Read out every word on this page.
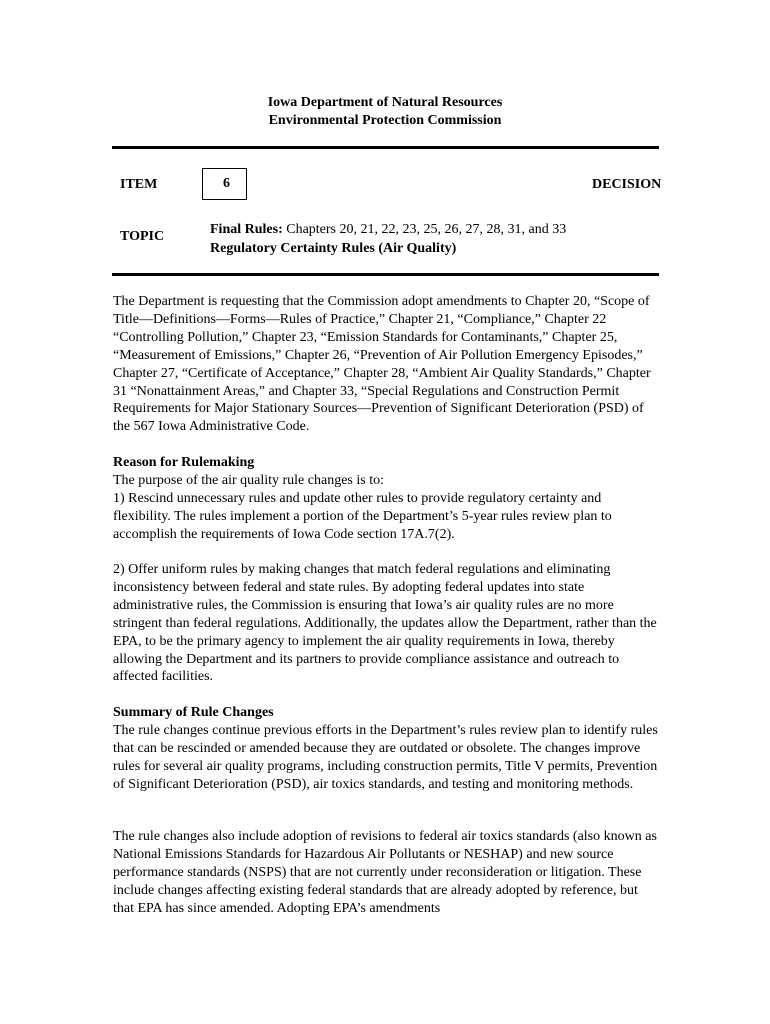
Iowa Department of Natural Resources
Environmental Protection Commission
ITEM	6	DECISION
TOPIC	Final Rules: Chapters 20, 21, 22, 23, 25, 26, 27, 28, 31, and 33
Regulatory Certainty Rules (Air Quality)

The Department is requesting that the Commission adopt amendments to Chapter 20, “Scope of Title—Definitions—Forms—Rules of Practice,” Chapter 21, “Compliance,” Chapter 22 “Controlling Pollution,” Chapter 23, “Emission Standards for Contaminants,” Chapter 25, “Measurement of Emissions,” Chapter 26, “Prevention of Air Pollution Emergency Episodes,” Chapter 27, “Certificate of Acceptance,” Chapter 28, “Ambient Air Quality Standards,” Chapter 31 “Nonattainment Areas,” and Chapter 33, “Special Regulations and Construction Permit Requirements for Major Stationary Sources—Prevention of Significant Deterioration (PSD) of the 567 Iowa Administrative Code.

Reason for Rulemaking

The purpose of the air quality rule changes is to:

1) Rescind unnecessary rules and update other rules to provide regulatory certainty and flexibility. The rules implement a portion of the Department’s 5-year rules review plan to accomplish the requirements of Iowa Code section 17A.7(2).

2) Offer uniform rules by making changes that match federal regulations and eliminating inconsistency between federal and state rules. By adopting federal updates into state administrative rules, the Commission is ensuring that Iowa’s air quality rules are no more stringent than federal regulations. Additionally, the updates allow the Department, rather than the EPA, to be the primary agency to implement the air quality requirements in Iowa, thereby allowing the Department and its partners to provide compliance assistance and outreach to affected facilities.

Summary of Rule Changes

The rule changes continue previous efforts in the Department’s rules review plan to identify rules that can be rescinded or amended because they are outdated or obsolete. The changes improve rules for several air quality programs, including construction permits, Title V permits, Prevention of Significant Deterioration (PSD), air toxics standards, and testing and monitoring methods.

The rule changes also include adoption of revisions to federal air toxics standards (also known as National Emissions Standards for Hazardous Air Pollutants or NESHAP) and new source performance standards (NSPS) that are not currently under reconsideration or litigation. These include changes affecting existing federal standards that are already adopted by reference, but that EPA has since amended. Adopting EPA’s amendments
